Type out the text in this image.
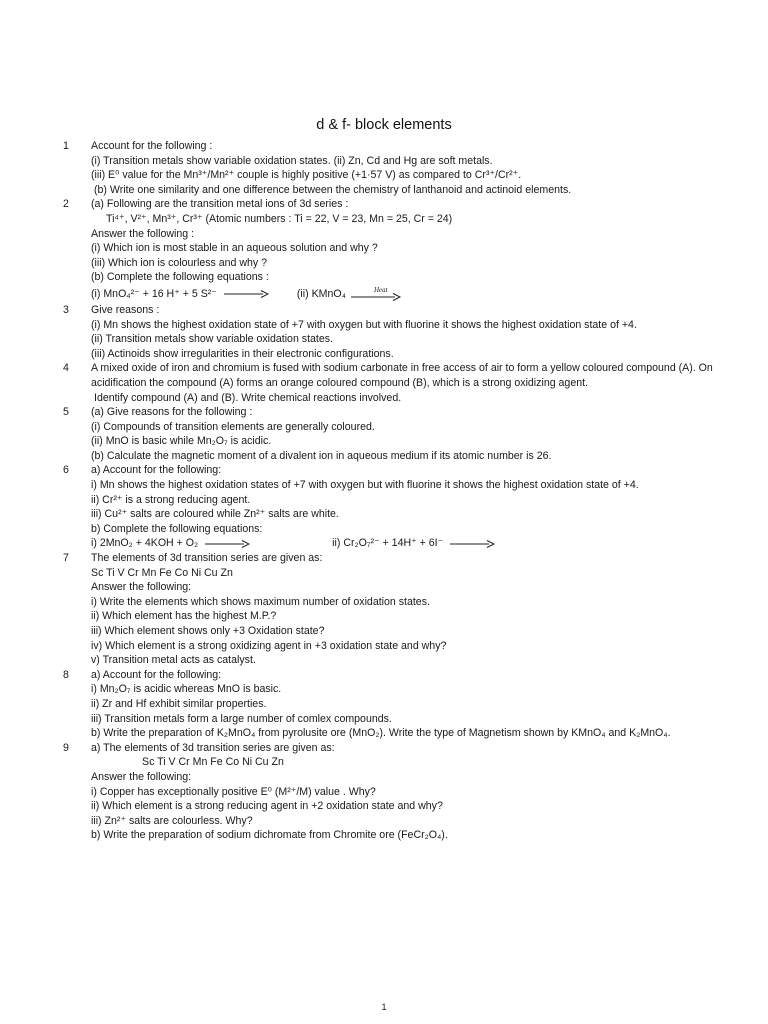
d & f- block elements
1 Account for the following :
(i) Transition metals show variable oxidation states. (ii) Zn, Cd and Hg are soft metals.
(iii) E⁰ value for the Mn³⁺/Mn²⁺ couple is highly positive (+1·57 V) as compared to Cr³⁺/Cr²⁺.
(b) Write one similarity and one difference between the chemistry of lanthanoid and actinoid elements.
2 (a) Following are the transition metal ions of 3d series :
Ti⁴⁺, V²⁺, Mn³⁺, Cr³⁺ (Atomic numbers : Ti = 22, V = 23, Mn = 25, Cr = 24)
Answer the following :
(i) Which ion is most stable in an aqueous solution and why ?
(iii) Which ion is colourless and why ?
(b) Complete the following equations :
(i) MnO₄²⁻ + 16 H⁺ + 5 S²⁻	(ii) KMnO₄	Heat
3 Give reasons :
(i) Mn shows the highest oxidation state of +7 with oxygen but with fluorine it shows the highest oxidation state of +4.
(ii) Transition metals show variable oxidation states.
(iii) Actinoids show irregularities in their electronic configurations.
4 A mixed oxide of iron and chromium is fused with sodium carbonate in free access of air to form a yellow coloured compound (A). On acidification the compound (A) forms an orange coloured compound (B), which is a strong oxidizing agent.
Identify compound (A) and (B). Write chemical reactions involved.
5 (a) Give reasons for the following :
(i) Compounds of transition elements are generally coloured.
(ii) MnO is basic while Mn₂O₇ is acidic.
(b) Calculate the magnetic moment of a divalent ion in aqueous medium if its atomic number is 26.
6 a) Account for the following:
i) Mn shows the highest oxidation states of +7 with oxygen but with fluorine it shows the highest oxidation state of +4.
ii) Cr²⁺ is a strong reducing agent.
iii) Cu²⁺ salts are coloured while Zn²⁺ salts are white.
b) Complete the following equations:
i) 2MnO₂ + 4KOH + O₂	ii) Cr₂O₇²⁻ + 14H⁺ + 6I⁻
7 The elements of 3d transition series are given as:
Sc Ti V Cr Mn Fe Co Ni Cu Zn
Answer the following:
i) Write the elements which shows maximum number of oxidation states.
ii) Which element has the highest M.P.?
iii) Which element shows only +3 Oxidation state?
iv) Which element is a strong oxidizing agent in +3 oxidation state and why?
v) Transition metal acts as catalyst.
8 a) Account for the following:
i) Mn₂O₇ is acidic whereas MnO is basic.
ii) Zr and Hf exhibit similar properties.
iii) Transition metals form a large number of comlex compounds.
b) Write the preparation of K₂MnO₄ from pyrolusite ore (MnO₂). Write the type of Magnetism shown by KMnO₄ and K₂MnO₄.
9 a) The elements of 3d transition series are given as:
Sc Ti V Cr Mn Fe Co Ni Cu Zn
Answer the following:
i) Copper has exceptionally positive E⁰ (M²⁺/M) value . Why?
ii) Which element is a strong reducing agent in +2 oxidation state and why?
iii) Zn²⁺ salts are colourless. Why?
b) Write the preparation of sodium dichromate from Chromite ore (FeCr₂O₄).
1
